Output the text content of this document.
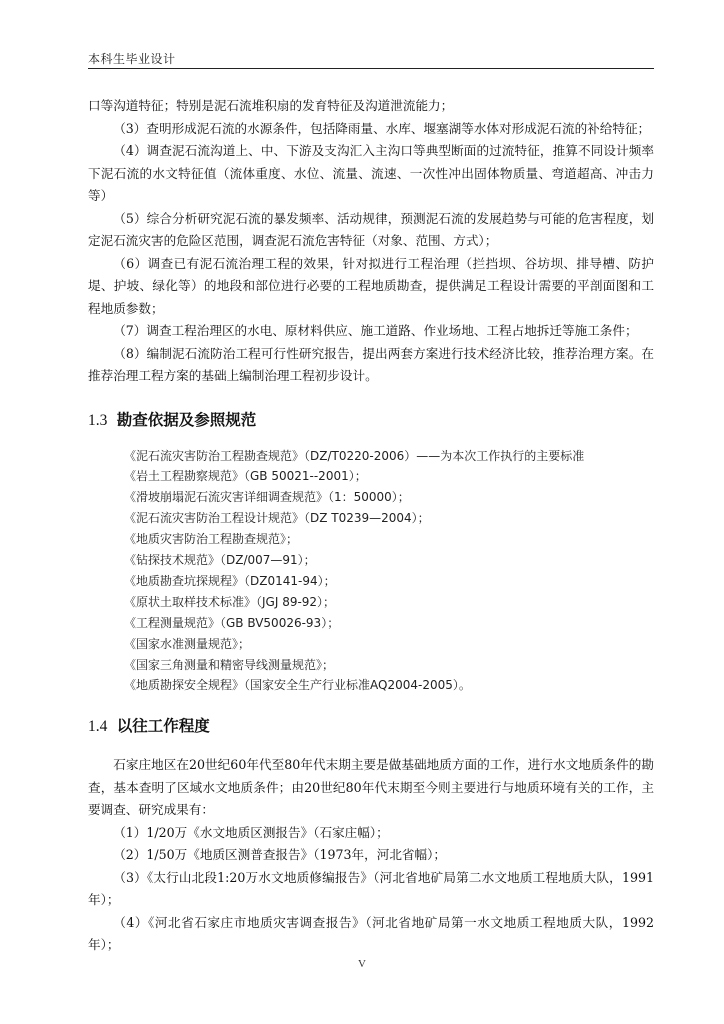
本科生毕业设计

口等沟道特征；特别是泥石流堆积扇的发育特征及沟道泄流能力；

（3）查明形成泥石流的水源条件，包括降雨量、水库、堰塞湖等水体对形成泥石流的补给特征；

（4）调查泥石流沟道上、中、下游及支沟汇入主沟口等典型断面的过流特征，推算不同设计频率下泥石流的水文特征值（流体重度、水位、流量、流速、一次性冲出固体物质量、弯道超高、冲击力等）

（5）综合分析研究泥石流的暴发频率、活动规律，预测泥石流的发展趋势与可能的危害程度，划定泥石流灾害的危险区范围，调查泥石流危害特征（对象、范围、方式）；

（6）调查已有泥石流治理工程的效果，针对拟进行工程治理（拦挡坝、谷坊坝、排导槽、防护堤、护坡、绿化等）的地段和部位进行必要的工程地质勘查，提供满足工程设计需要的平剖面图和工程地质参数；

（7）调查工程治理区的水电、原材料供应、施工道路、作业场地、工程占地拆迁等施工条件；

（8）编制泥石流防治工程可行性研究报告，提出两套方案进行技术经济比较，推荐治理方案。在推荐治理工程方案的基础上编制治理工程初步设计。

1.3 勘查依据及参照规范
《泥石流灾害防治工程勘查规范》（DZ/T0220-2006）——为本次工作执行的主要标准
《岩土工程勘察规范》（GB 50021--2001）；
《滑坡崩塌泥石流灾害详细调查规范》（1：50000）；
《泥石流灾害防治工程设计规范》（DZ T0239—2004）；
《地质灾害防治工程勘查规范》；
《钻探技术规范》（DZ/007—91）；
《地质勘查坑探规程》（DZ0141-94）；
《原状土取样技术标准》（JGJ 89-92）；
《工程测量规范》（GB BV50026-93）；
《国家水准测量规范》；
《国家三角测量和精密导线测量规范》；
《地质勘探安全规程》（国家安全生产行业标准AQ2004-2005）。
1.4 以往工作程度

石家庄地区在20世纪60年代至80年代末期主要是做基础地质方面的工作，进行水文地质条件的勘查，基本查明了区域水文地质条件；由20世纪80年代末期至今则主要进行与地质环境有关的工作，主要调查、研究成果有：

（1）1/20万《水文地质区测报告》（石家庄幅）；

（2）1/50万《地质区测普查报告》（1973年，河北省幅）；

（3）《太行山北段1:20万水文地质修编报告》（河北省地矿局第二水文地质工程地质大队，1991年）；

（4）《河北省石家庄市地质灾害调查报告》（河北省地矿局第一水文地质工程地质大队，1992年）；

V
